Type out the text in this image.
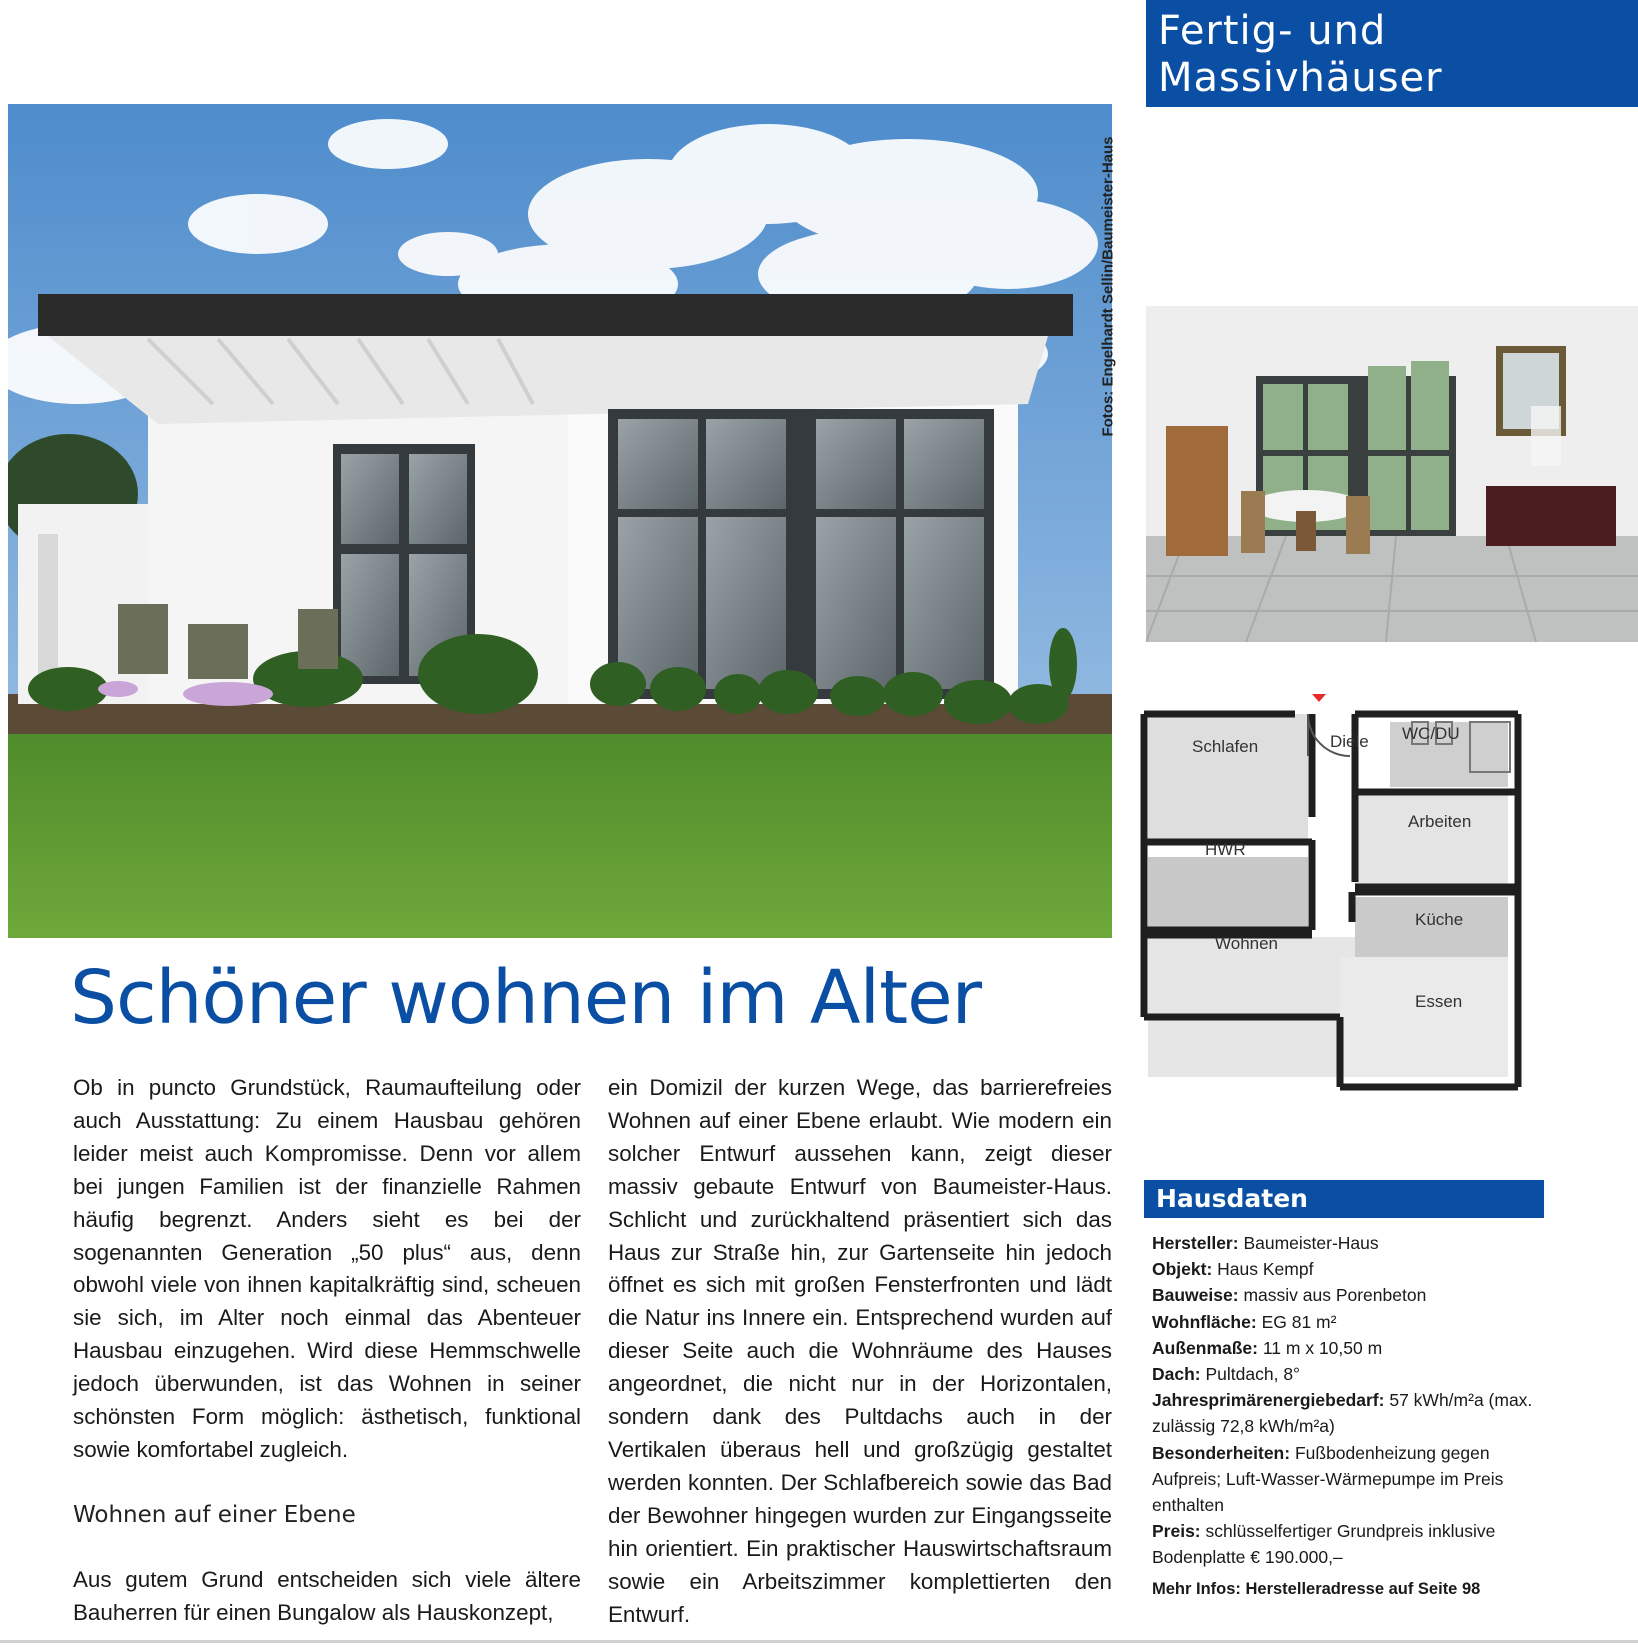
Fertig- und
Massivhäuser
Fotos: Engelhardt Sellin/Baumeister-Haus
Schlafen	Diele WC/DU
Arbeiten
HWR
Küche
Wohnen
Essen
Schöner wohnen im Alter

Ob in puncto Grundstück, Raumaufteilung oder auch Ausstattung: Zu einem Hausbau gehören leider meist auch Kompromisse. Denn vor allem bei jungen Familien ist der finanzielle Rahmen häufig begrenzt. Anders sieht es bei der sogenannten Generation „50 plus“ aus, denn obwohl viele von ihnen kapitalkräftig sind, scheuen sie sich, im Alter noch einmal das Abenteuer Hausbau einzugehen. Wird diese Hemmschwelle jedoch überwunden, ist das Wohnen in seiner schönsten Form möglich: ästhetisch, funktional sowie komfortabel zugleich.

Wohnen auf einer Ebene

Aus gutem Grund entscheiden sich viele ältere Bauherren für einen Bungalow als Hauskonzept,

ein Domizil der kurzen Wege, das barrierefreies Wohnen auf einer Ebene erlaubt. Wie modern ein solcher Entwurf aussehen kann, zeigt dieser massiv gebaute Entwurf von Baumeister-Haus. Schlicht und zurückhaltend präsentiert sich das Haus zur Straße hin, zur Gartenseite hin jedoch öffnet es sich mit großen Fensterfronten und lädt die Natur ins Innere ein. Entsprechend wurden auf dieser Seite auch die Wohnräume des Hauses angeordnet, die nicht nur in der Horizontalen, sondern dank des Pultdachs auch in der Vertikalen überaus hell und großzügig gestaltet werden konnten. Der Schlafbereich sowie das Bad der Bewohner hingegen wurden zur Eingangsseite hin orientiert. Ein praktischer Hauswirtschaftsraum sowie ein Arbeitszimmer komplettierten den Entwurf.

Hausdaten

Hersteller: Baumeister-Haus

Objekt: Haus Kempf

Bauweise: massiv aus Porenbeton

Wohnfläche: EG 81 m²

Außenmaße: 11 m x 10,50 m

Dach: Pultdach, 8°

Jahresprimärenergiebedarf: 57 kWh/m²a (max. zulässig 72,8 kWh/m²a)

Besonderheiten: Fußbodenheizung gegen Aufpreis; Luft-Wasser-Wärmepumpe im Preis enthalten

Preis: schlüsselfertiger Grundpreis inklusive Bodenplatte € 190.000,–

Mehr Infos: Herstelleradresse auf Seite 98
